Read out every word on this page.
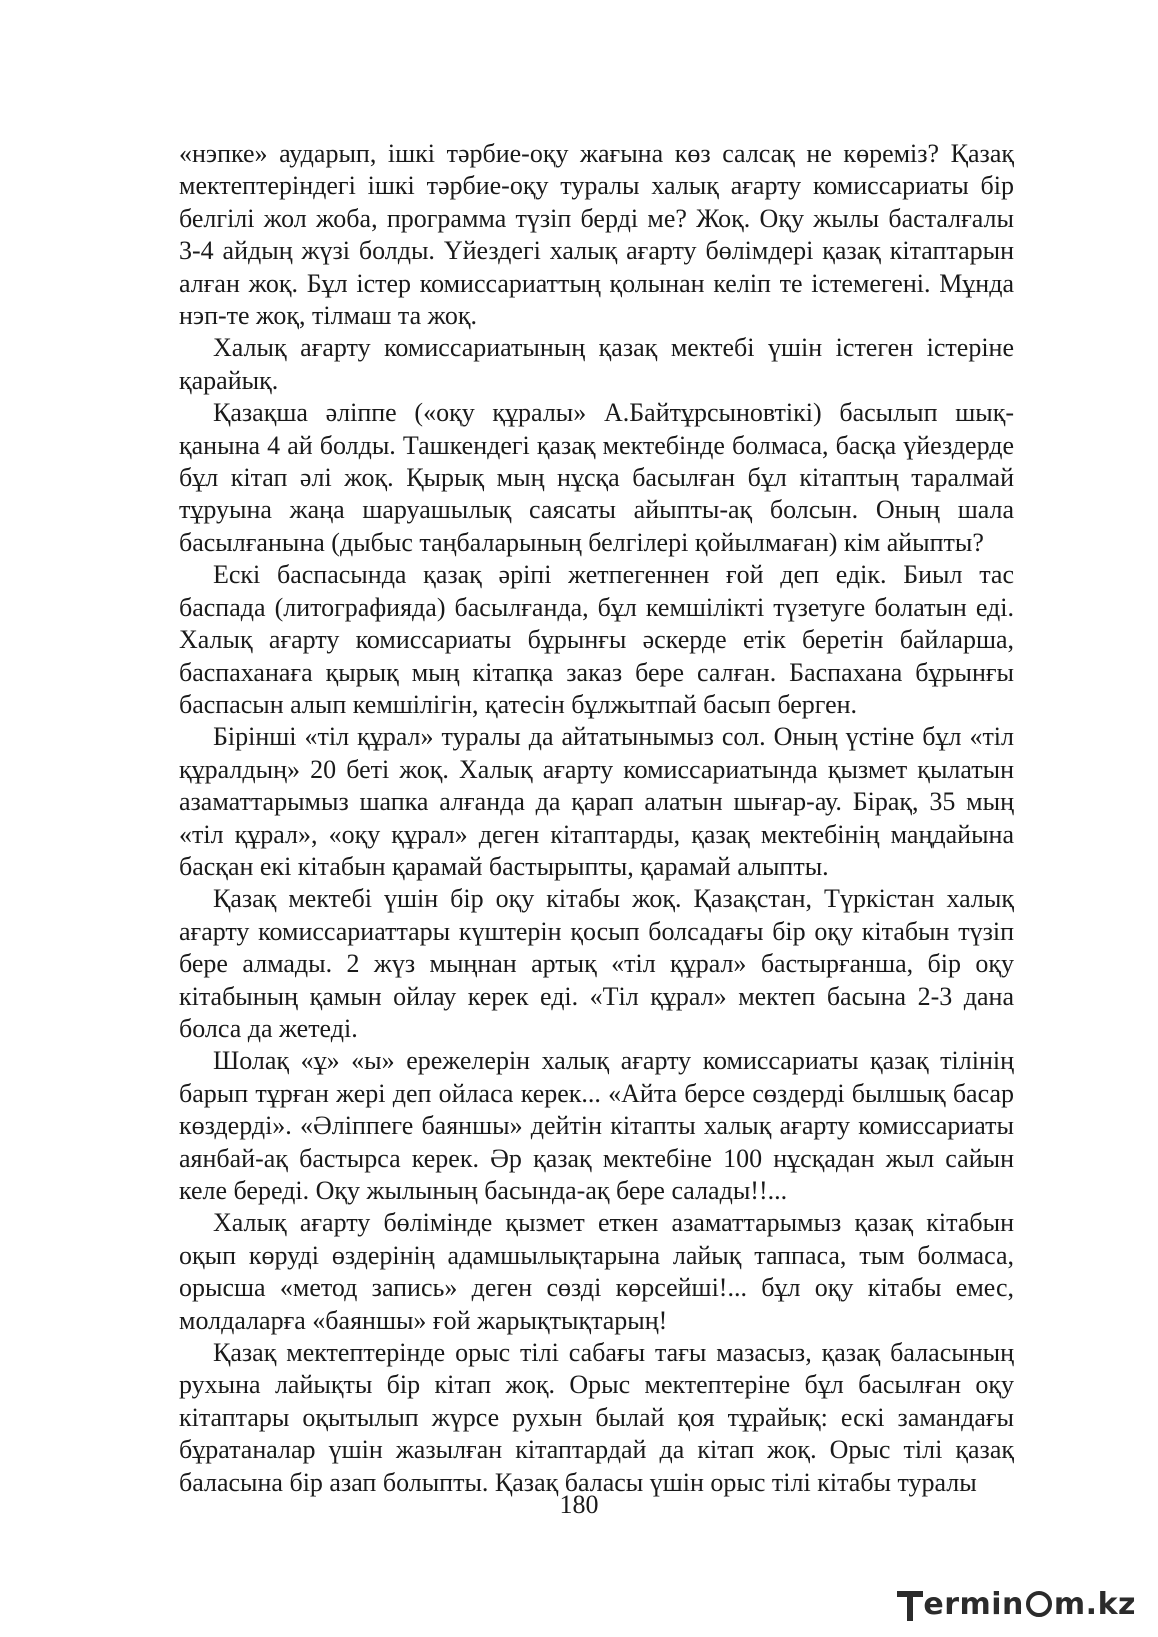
«нэпке» аударып, ішкі тәрбие-оқу жағына көз салсақ не көреміз? Қазақ мектептеріндегі ішкі тәрбие-оқу туралы халық ағарту комиссариаты бір белгілі жол жоба, программа түзіп берді ме? Жоқ. Оқу жылы басталғалы 3-4 айдың жүзі болды. Үйездегі халық ағарту бөлімдері қазақ кітаптарын алған жоқ. Бұл істер комиссариаттың қолынан келіп те істемегені. Мұнда нэп-те жоқ, тілмаш та жоқ.

Халық ағарту комиссариатының қазақ мектебі үшін істеген істеріне қарайық.

Қазақша әліппе («оқу құралы» А.Байтұрсыновтікі) басылып шық-қанына 4 ай болды. Ташкендегі қазақ мектебінде болмаса, басқа үйездерде бұл кітап әлі жоқ. Қырық мың нұсқа басылған бұл кітаптың таралмай тұруына жаңа шаруашылық саясаты айыпты-ақ болсын. Оның шала басылғанына (дыбыс таңбаларының белгілері қойылмаған) кім айыпты?

Ескі баспасында қазақ әріпі жетпегеннен ғой деп едік. Биыл тас баспада (литографияда) басылғанда, бұл кемшілікті түзетуге болатын еді. Халық ағарту комиссариаты бұрынғы әскерде етік беретін байларша, баспаханаға қырық мың кітапқа заказ бере салған. Баспахана бұрынғы баспасын алып кемшілігін, қатесін бұлжытпай басып берген.

Бірінші «тіл құрал» туралы да айтатынымыз сол. Оның үстіне бұл «тіл құралдың» 20 беті жоқ. Халық ағарту комиссариатында қызмет қылатын азаматтарымыз шапка алғанда да қарап алатын шығар-ау. Бірақ, 35 мың «тіл құрал», «оқу құрал» деген кітаптарды, қазақ мектебінің маңдайына басқан екі кітабын қарамай бастырыпты, қарамай алыпты.

Қазақ мектебі үшін бір оқу кітабы жоқ. Қазақстан, Түркістан халық ағарту комиссариаттары күштерін қосып болсадағы бір оқу кітабын түзіп бере алмады. 2 жүз мыңнан артық «тіл құрал» бастырғанша, бір оқу кітабының қамын ойлау керек еді. «Тіл құрал» мектеп басына 2-3 дана болса да жетеді.

Шолақ «ұ» «ы» ережелерін халық ағарту комиссариаты қазақ тілінің барып тұрған жері деп ойласа керек... «Айта берсе сөздерді былшық басар көздерді». «Әліппеге баяншы» дейтін кітапты халық ағарту комиссариаты аянбай-ақ бастырса керек. Әр қазақ мектебіне 100 нұсқадан жыл сайын келе береді. Оқу жылының басында-ақ бере салады!!...

Халық ағарту бөлімінде қызмет еткен азаматтарымыз қазақ кітабын оқып көруді өздерінің адамшылықтарына лайық таппаса, тым болмаса, орысша «метод запись» деген сөзді көрсейші!... бұл оқу кітабы емес, молдаларға «баяншы» ғой жарықтықтарың!

Қазақ мектептерінде орыс тілі сабағы тағы мазасыз, қазақ баласының рухына лайықты бір кітап жоқ. Орыс мектептеріне бұл басылған оқу кітаптары оқытылып жүрсе рухын былай қоя тұрайық: ескі замандағы бұратаналар үшін жазылған кітаптардай да кітап жоқ. Орыс тілі қазақ баласына бір азап болыпты. Қазақ баласы үшін орыс тілі кітабы туралы

180
ermin m.kz
